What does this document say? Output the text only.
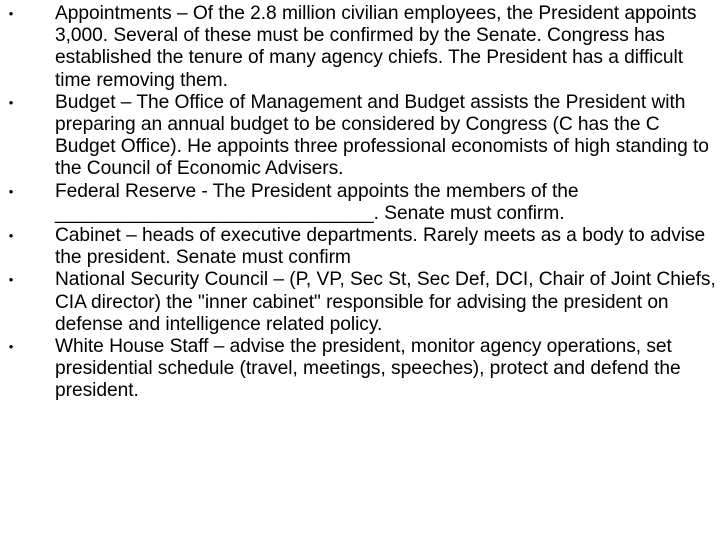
• Appointments – Of the 2.8 million civilian employees, the President appoints 3,000. Several of these must be confirmed by the Senate. Congress has established the tenure of many agency chiefs. The President has a difficult time removing them.
• Budget – The Office of Management and Budget assists the President with preparing an annual budget to be considered by Congress (C has the C Budget Office). He appoints three professional economists of high standing to the Council of Economic Advisers.
• Federal Reserve - The President appoints the members of the ______________________________. Senate must confirm.
• Cabinet – heads of executive departments. Rarely meets as a body to advise the president. Senate must confirm
• National Security Council – (P, VP, Sec St, Sec Def, DCI, Chair of Joint Chiefs, CIA director) the "inner cabinet" responsible for advising the president on defense and intelligence related policy.
• White House Staff – advise the president, monitor agency operations, set presidential schedule (travel, meetings, speeches), protect and defend the president.
